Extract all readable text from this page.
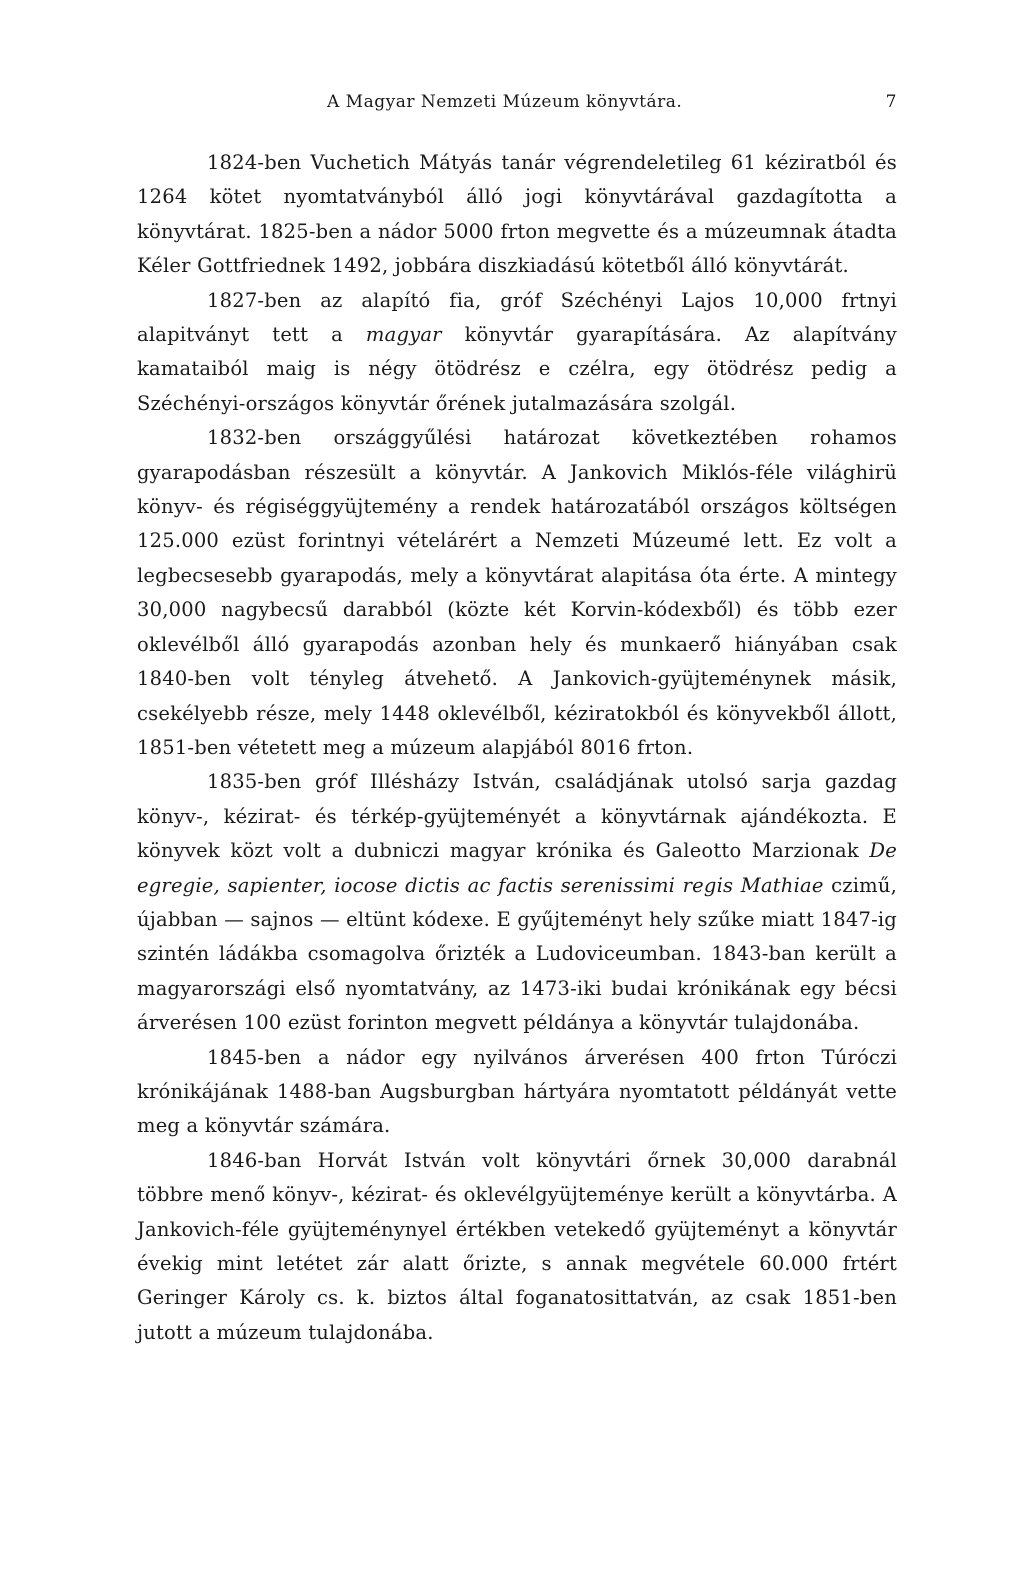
A Magyar Nemzeti Múzeum könyvtára.	7

1824-ben Vuchetich Mátyás tanár végrendeletileg 61 kéziratból és 1264 kötet nyomtatványból álló jogi könyvtárával gazdagította a könyvtárat. 1825-ben a nádor 5000 frton megvette és a múzeumnak átadta Kéler Gottfriednek 1492, jobbára diszkiadású kötetből álló könyvtárát.

1827-ben az alapító fia, gróf Széchényi Lajos 10,000 frtnyi alapitványt tett a magyar könyvtár gyarapítására. Az alapítvány kamataiból maig is négy ötödrész e czélra, egy ötödrész pedig a Széchényi-országos könyvtár őrének jutalmazására szolgál.

1832-ben országgyűlési határozat következtében rohamos gyarapodásban részesült a könyvtár. A Jankovich Miklós-féle világhirü könyv- és régiséggyüjtemény a rendek határozatából országos költségen 125.000 ezüst forintnyi vételárért a Nemzeti Múzeumé lett. Ez volt a legbecsesebb gyarapodás, mely a könyvtárat alapitása óta érte. A mintegy 30,000 nagybecsű darabból (közte két Korvin-kódexből) és több ezer oklevélből álló gyarapodás azonban hely és munkaerő hiányában csak 1840-ben volt tényleg átvehető. A Jankovich-gyüjteménynek másik, csekélyebb része, mely 1448 oklevélből, kéziratokból és könyvekből állott, 1851-ben vétetett meg a múzeum alapjából 8016 frton.

1835-ben gróf Illésházy István, családjának utolsó sarja gazdag könyv-, kézirat- és térkép-gyüjteményét a könyvtárnak ajándékozta. E könyvek közt volt a dubniczi magyar krónika és Galeotto Marzionak De egregie, sapienter, iocose dictis ac factis serenissimi regis Mathiae czimű, újabban — sajnos — eltünt kódexe. E gyűjteményt hely szűke miatt 1847-ig szintén ládákba csomagolva őrizték a Ludoviceumban. 1843-ban került a magyarországi első nyomtatvány, az 1473-iki budai krónikának egy bécsi árverésen 100 ezüst forinton megvett példánya a könyvtár tulajdonába.

1845-ben a nádor egy nyilvános árverésen 400 frton Túróczi krónikájának 1488-ban Augsburgban hártyára nyomtatott példányát vette meg a könyvtár számára.

1846-ban Horvát István volt könyvtári őrnek 30,000 darabnál többre menő könyv-, kézirat- és oklevélgyüjteménye került a könyvtárba. A Jankovich-féle gyüjteménynyel értékben vetekedő gyüjteményt a könyvtár évekig mint letétet zár alatt őrizte, s annak megvétele 60.000 frtért Geringer Károly cs. k. biztos által foganatosittatván, az csak 1851-ben jutott a múzeum tulajdonába.
